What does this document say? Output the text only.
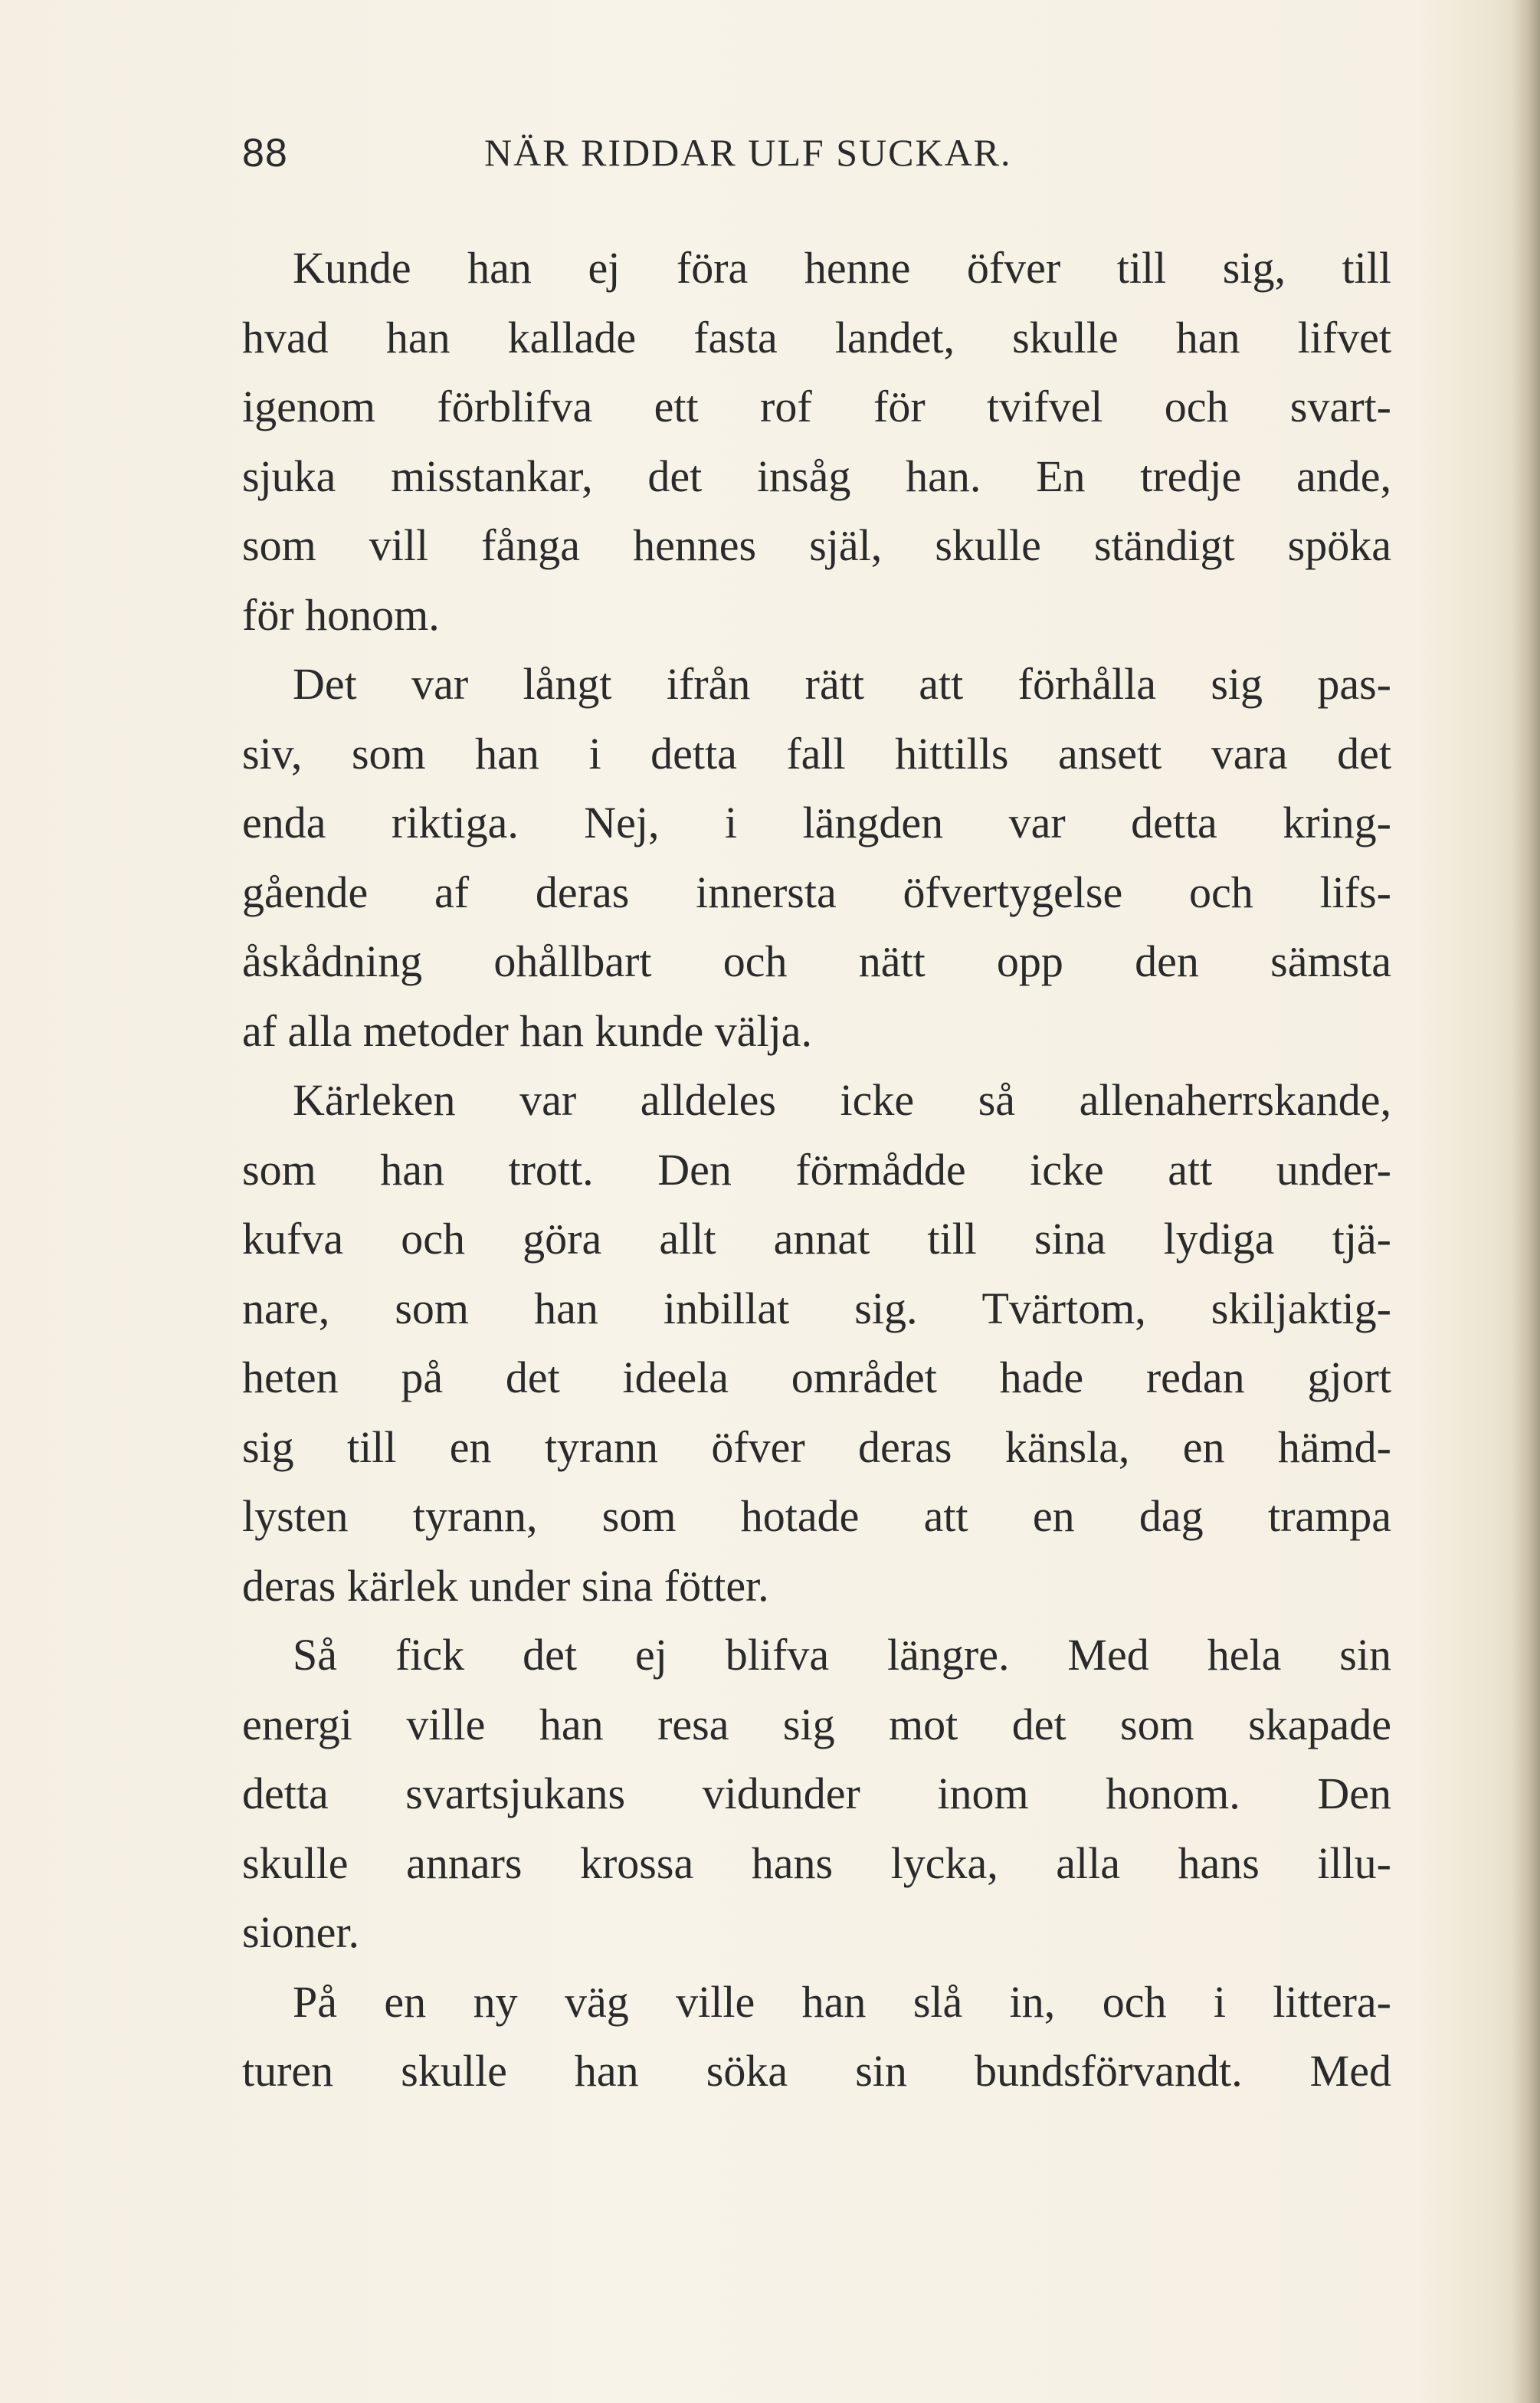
88	NÄR RIDDAR ULF SUCKAR.
Kunde han ej föra henne öfver till sig, till
hvad han kallade fasta landet, skulle han lifvet
igenom förblifva ett rof för tvifvel och svart-
sjuka misstankar, det insåg han. En tredje ande,
som vill fånga hennes själ, skulle ständigt spöka
för honom.
Det var långt ifrån rätt att förhålla sig pas-
siv, som han i detta fall hittills ansett vara det
enda riktiga. Nej, i längden var detta kring-
gående af deras innersta öfvertygelse och lifs-
åskådning ohållbart och nätt opp den sämsta
af alla metoder han kunde välja.
Kärleken var alldeles icke så allenaherrskande,
som han trott. Den förmådde icke att under-
kufva och göra allt annat till sina lydiga tjä-
nare, som han inbillat sig. Tvärtom, skiljaktig-
heten på det ideela området hade redan gjort
sig till en tyrann öfver deras känsla, en hämd-
lysten tyrann, som hotade att en dag trampa
deras kärlek under sina fötter.
Så fick det ej blifva längre. Med hela sin
energi ville han resa sig mot det som skapade
detta svartsjukans vidunder inom honom. Den
skulle annars krossa hans lycka, alla hans illu-
sioner.
På en ny väg ville han slå in, och i littera-
turen skulle han söka sin bundsförvandt. Med
